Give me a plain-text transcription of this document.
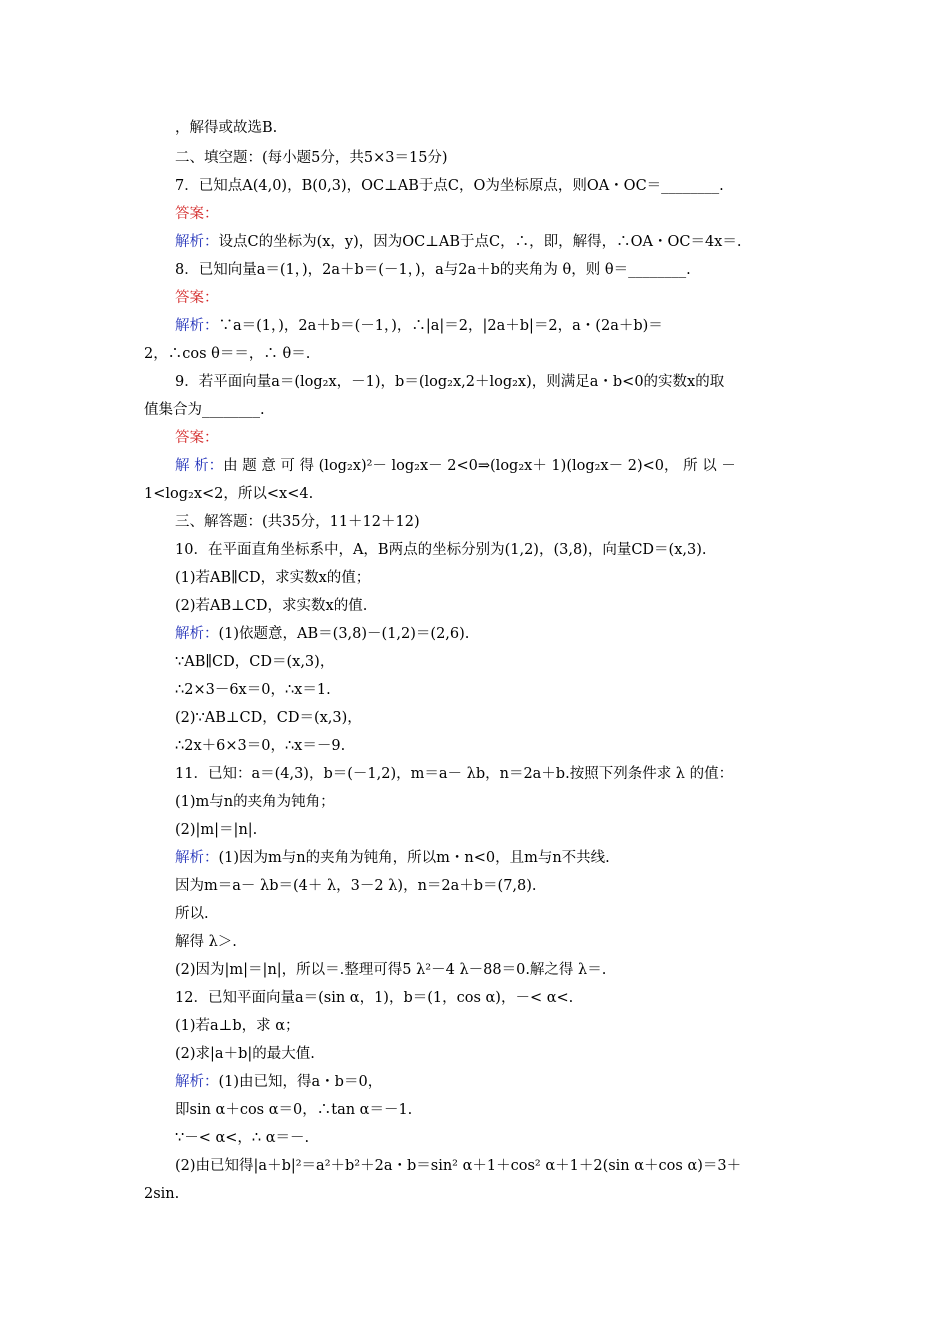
，解得或故选B.
二、填空题：(每小题5分，共5×3＝15分)
7．已知点A(4,0)，B(0,3)，OC⊥AB于点C，O为坐标原点，则OA・OC＝________.
答案：
解析：设点C的坐标为(x，y)，因为OC⊥AB于点C，∴，即，解得，∴OA・OC＝4x＝.
8．已知向量a＝(1，)，2a＋b＝(－1，)，a与2a＋b的夹角为 θ，则 θ＝________.
答案：
解析：∵a＝(1，)，2a＋b＝(－1，)，∴|a|＝2，|2a＋b|＝2，a・(2a＋b)＝
2，∴cos θ＝＝，∴ θ＝.
9．若平面向量a＝(log₂x，－1)，b＝(log₂x,2＋log₂x)，则满足a・b<0的实数x的取
值集合为________.
答案：
解 析：由 题 意 可 得 (log₂x)²－ log₂x－ 2<0⇒(log₂x＋ 1)(log₂x－ 2)<0， 所 以 －
1<log₂x<2，所以<x<4.
三、解答题：(共35分，11＋12＋12)
10．在平面直角坐标系中，A，B两点的坐标分别为(1,2)，(3,8)，向量CD＝(x,3).
(1)若AB∥CD，求实数x的值；
(2)若AB⊥CD，求实数x的值.
解析：(1)依题意，AB＝(3,8)－(1,2)＝(2,6).
∵AB∥CD，CD＝(x,3)，
∴2×3－6x＝0，∴x＝1.
(2)∵AB⊥CD，CD＝(x,3)，
∴2x＋6×3＝0，∴x＝－9.
11．已知：a＝(4,3)，b＝(－1,2)，m＝a－ λb，n＝2a＋b.按照下列条件求 λ 的值：
(1)m与n的夹角为钝角；
(2)|m|＝|n|.
解析：(1)因为m与n的夹角为钝角，所以m・n<0，且m与n不共线.
因为m＝a－ λb＝(4＋ λ，3－2 λ)，n＝2a＋b＝(7,8).
所以.
解得 λ＞.
(2)因为|m|＝|n|，所以＝.整理可得5 λ²－4 λ－88＝0.解之得 λ＝.
12．已知平面向量a＝(sin α，1)，b＝(1，cos α)，－< α<.
(1)若a⊥b，求 α；
(2)求|a＋b|的最大值.
解析：(1)由已知，得a・b＝0，
即sin α＋cos α＝0，∴tan α＝－1.
∵－< α<，∴ α＝－.
(2)由已知得|a＋b|²＝a²＋b²＋2a・b＝sin² α＋1＋cos² α＋1＋2(sin α＋cos α)＝3＋
2sin.
